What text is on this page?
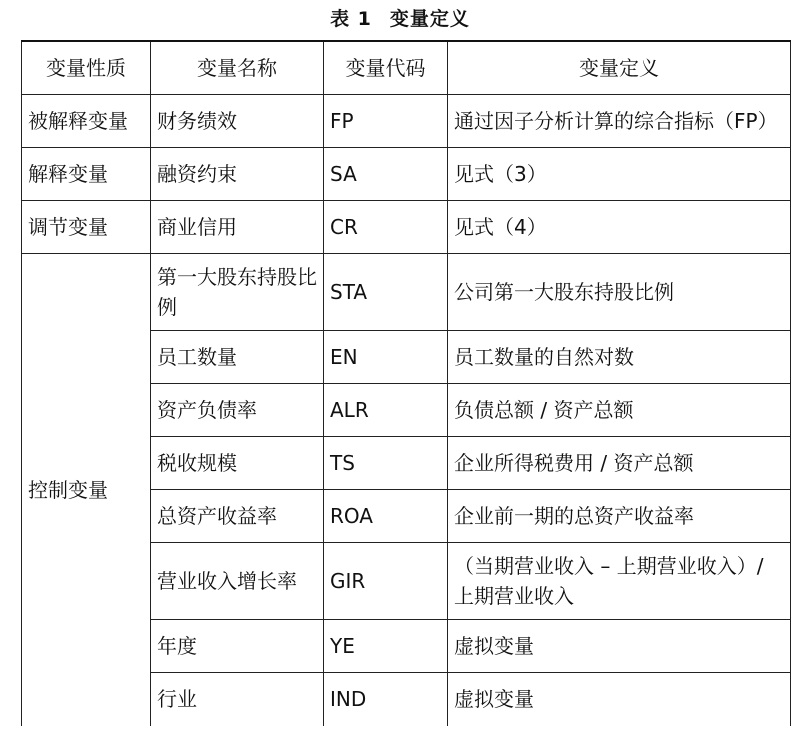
表 1 变量定义
变量性质	变量名称	变量代码	变量定义
被解释变量	财务绩效	FP	通过因子分析计算的综合指标（FP）
解释变量	融资约束	SA	见式（3）
调节变量	商业信用	CR	见式（4）
控制变量	第一大股东持股比例	STA	公司第一大股东持股比例
	员工数量	EN	员工数量的自然对数
	资产负债率	ALR	负债总额 / 资产总额
	税收规模	TS	企业所得税费用 / 资产总额
	总资产收益率	ROA	企业前一期的总资产收益率
	营业收入增长率	GIR	（当期营业收入 – 上期营业收入）/ 上期营业收入
	年度	YE	虚拟变量
	行业	IND	虚拟变量
